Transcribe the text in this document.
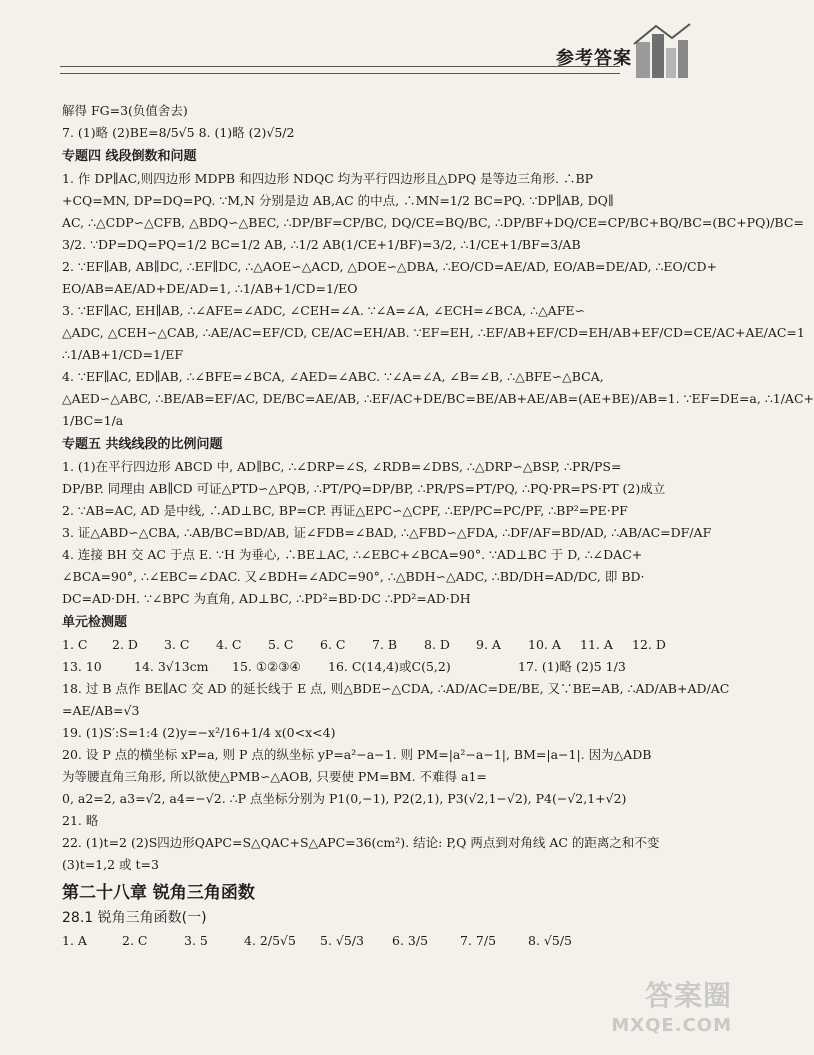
参考答案
解得 FG=3(负值舍去)
7. (1)略 (2)BE=8/5√5 8. (1)略 (2)√5/2
专题四 线段倒数和问题
1. 作 DP∥AC,则四边形 MDPB 和四边形 NDQC 均为平行四边形且△DPQ 是等边三角形. ∴BP
+CQ=MN, DP=DQ=PQ. ∵M,N 分别是边 AB,AC 的中点, ∴MN=1/2 BC=PQ. ∵DP∥AB, DQ∥
AC, ∴△CDP∽△CFB, △BDQ∽△BEC, ∴DP/BF=CP/BC, DQ/CE=BQ/BC, ∴DP/BF+DQ/CE=CP/BC+BQ/BC=(BC+PQ)/BC=
3/2. ∵DP=DQ=PQ=1/2 BC=1/2 AB, ∴1/2 AB(1/CE+1/BF)=3/2, ∴1/CE+1/BF=3/AB
2. ∵EF∥AB, AB∥DC, ∴EF∥DC, ∴△AOE∽△ACD, △DOE∽△DBA, ∴EO/CD=AE/AD, EO/AB=DE/AD, ∴EO/CD+
EO/AB=AE/AD+DE/AD=1, ∴1/AB+1/CD=1/EO
3. ∵EF∥AC, EH∥AB, ∴∠AFE=∠ADC, ∠CEH=∠A. ∵∠A=∠A, ∠ECH=∠BCA, ∴△AFE∽
△ADC, △CEH∽△CAB, ∴AE/AC=EF/CD, CE/AC=EH/AB. ∵EF=EH, ∴EF/AB+EF/CD=EH/AB+EF/CD=CE/AC+AE/AC=1
∴1/AB+1/CD=1/EF
4. ∵EF∥AC, ED∥AB, ∴∠BFE=∠BCA, ∠AED=∠ABC. ∵∠A=∠A, ∠B=∠B, ∴△BFE∽△BCA,
△AED∽△ABC, ∴BE/AB=EF/AC, DE/BC=AE/AB, ∴EF/AC+DE/BC=BE/AB+AE/AB=(AE+BE)/AB=1. ∵EF=DE=a, ∴1/AC+
1/BC=1/a
专题五 共线线段的比例问题
1. (1)在平行四边形 ABCD 中, AD∥BC, ∴∠DRP=∠S, ∠RDB=∠DBS, ∴△DRP∽△BSP, ∴PR/PS=
DP/BP. 同理由 AB∥CD 可证△PTD∽△PQB, ∴PT/PQ=DP/BP, ∴PR/PS=PT/PQ, ∴PQ·PR=PS·PT (2)成立
2. ∵AB=AC, AD 是中线, ∴AD⊥BC, BP=CP. 再证△EPC∽△CPF, ∴EP/PC=PC/PF, ∴BP²=PE·PF
3. 证△ABD∽△CBA, ∴AB/BC=BD/AB, 证∠FDB=∠BAD, ∴△FBD∽△FDA, ∴DF/AF=BD/AD, ∴AB/AC=DF/AF
4. 连接 BH 交 AC 于点 E. ∵H 为垂心, ∴BE⊥AC, ∴∠EBC+∠BCA=90°. ∵AD⊥BC 于 D, ∴∠DAC+
∠BCA=90°, ∴∠EBC=∠DAC. 又∠BDH=∠ADC=90°, ∴△BDH∽△ADC, ∴BD/DH=AD/DC, 即 BD·
DC=AD·DH. ∵∠BPC 为直角, AD⊥BC, ∴PD²=BD·DC ∴PD²=AD·DH
单元检测题
1. C	2. D	3. C	4. C	5. C	6. C	7. B	8. D	9. A	10. A	11. A	12. D
13. 10	14. 3√13cm	15. ①②③④	16. C(14,4)或C(5,2)	17. (1)略 (2)5 1/3
18. 过 B 点作 BE∥AC 交 AD 的延长线于 E 点, 则△BDE∽△CDA, ∴AD/AC=DE/BE, 又∵BE=AB, ∴AD/AB+AD/AC
=AE/AB=√3
19. (1)S′:S=1:4 (2)y=−x²/16+1/4 x(0<x<4)
20. 设 P 点的横坐标 xP=a, 则 P 点的纵坐标 yP=a²−a−1. 则 PM=|a²−a−1|, BM=|a−1|. 因为△ADB
为等腰直角三角形, 所以欲使△PMB∽△AOB, 只要使 PM=BM. 不难得 a1=
0, a2=2, a3=√2, a4=−√2. ∴P 点坐标分别为 P1(0,−1), P2(2,1), P3(√2,1−√2), P4(−√2,1+√2)
21. 略
22. (1)t=2 (2)S四边形QAPC=S△QAC+S△APC=36(cm²). 结论: P,Q 两点到对角线 AC 的距离之和不变
(3)t=1,2 或 t=3
第二十八章 锐角三角函数
28.1 锐角三角函数(一)
1. A	2. C	3. 5	4. 2/5√5	5. √5/3	6. 3/5	7. 7/5	8. √5/5
答案圈
MXQE.COM
